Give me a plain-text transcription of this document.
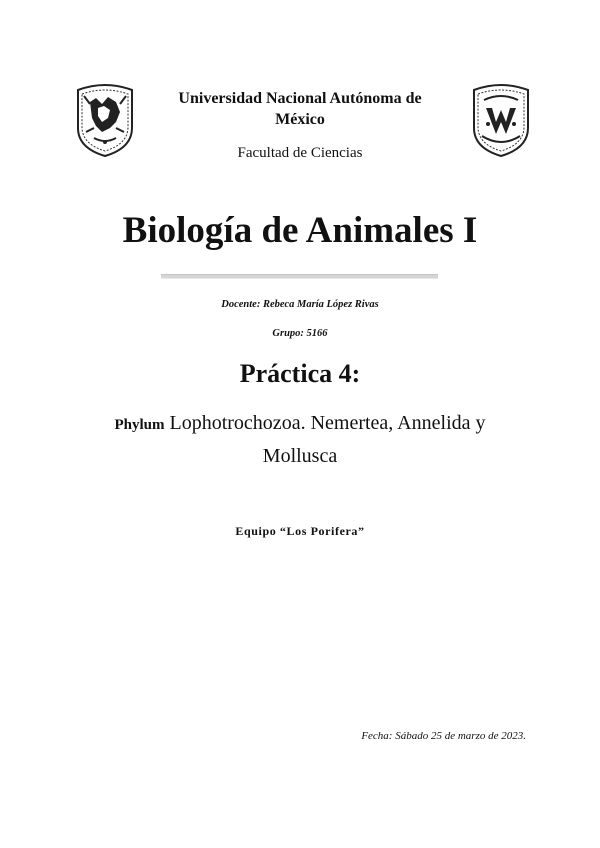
Universidad Nacional Autónoma de
México
Facultad de Ciencias
Biología de Animales I
Docente: Rebeca María López Rivas
Grupo: 5166
Práctica 4:
Phylum Lophotrochozoa. Nemertea, Annelida y
Mollusca
Equipo “Los Porifera”
Fecha: Sábado 25 de marzo de 2023.
